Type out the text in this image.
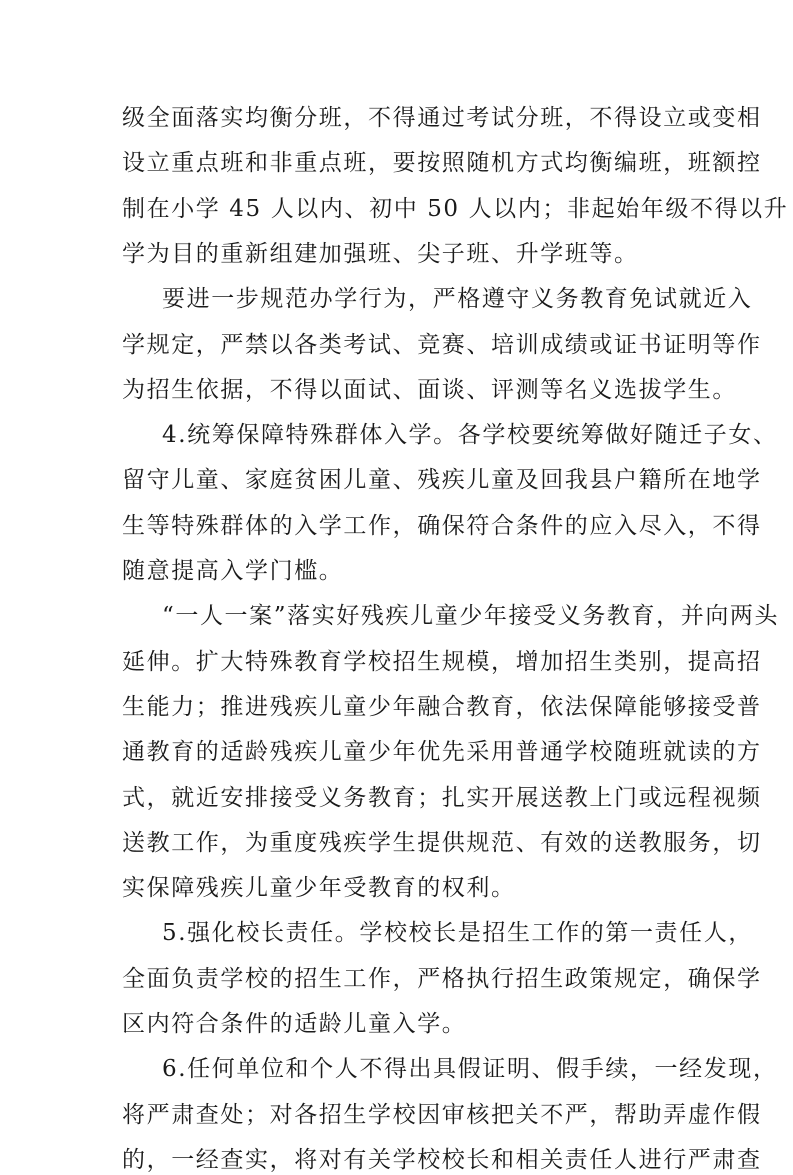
级全面落实均衡分班，不得通过考试分班，不得设立或变相
设立重点班和非重点班，要按照随机方式均衡编班，班额控
制在小学 45 人以内、初中 50 人以内；非起始年级不得以升
学为目的重新组建加强班、尖子班、升学班等。
要进一步规范办学行为，严格遵守义务教育免试就近入
学规定，严禁以各类考试、竞赛、培训成绩或证书证明等作
为招生依据，不得以面试、面谈、评测等名义选拔学生。
4.统筹保障特殊群体入学。各学校要统筹做好随迁子女、
留守儿童、家庭贫困儿童、残疾儿童及回我县户籍所在地学
生等特殊群体的入学工作，确保符合条件的应入尽入，不得
随意提高入学门槛。
“一人一案”落实好残疾儿童少年接受义务教育，并向两头
延伸。扩大特殊教育学校招生规模，增加招生类别，提高招
生能力；推进残疾儿童少年融合教育，依法保障能够接受普
通教育的适龄残疾儿童少年优先采用普通学校随班就读的方
式，就近安排接受义务教育；扎实开展送教上门或远程视频
送教工作，为重度残疾学生提供规范、有效的送教服务，切
实保障残疾儿童少年受教育的权利。
5.强化校长责任。学校校长是招生工作的第一责任人，
全面负责学校的招生工作，严格执行招生政策规定，确保学
区内符合条件的适龄儿童入学。
6.任何单位和个人不得出具假证明、假手续，一经发现，
将严肃查处；对各招生学校因审核把关不严，帮助弄虚作假
的，一经查实，将对有关学校校长和相关责任人进行严肃查
